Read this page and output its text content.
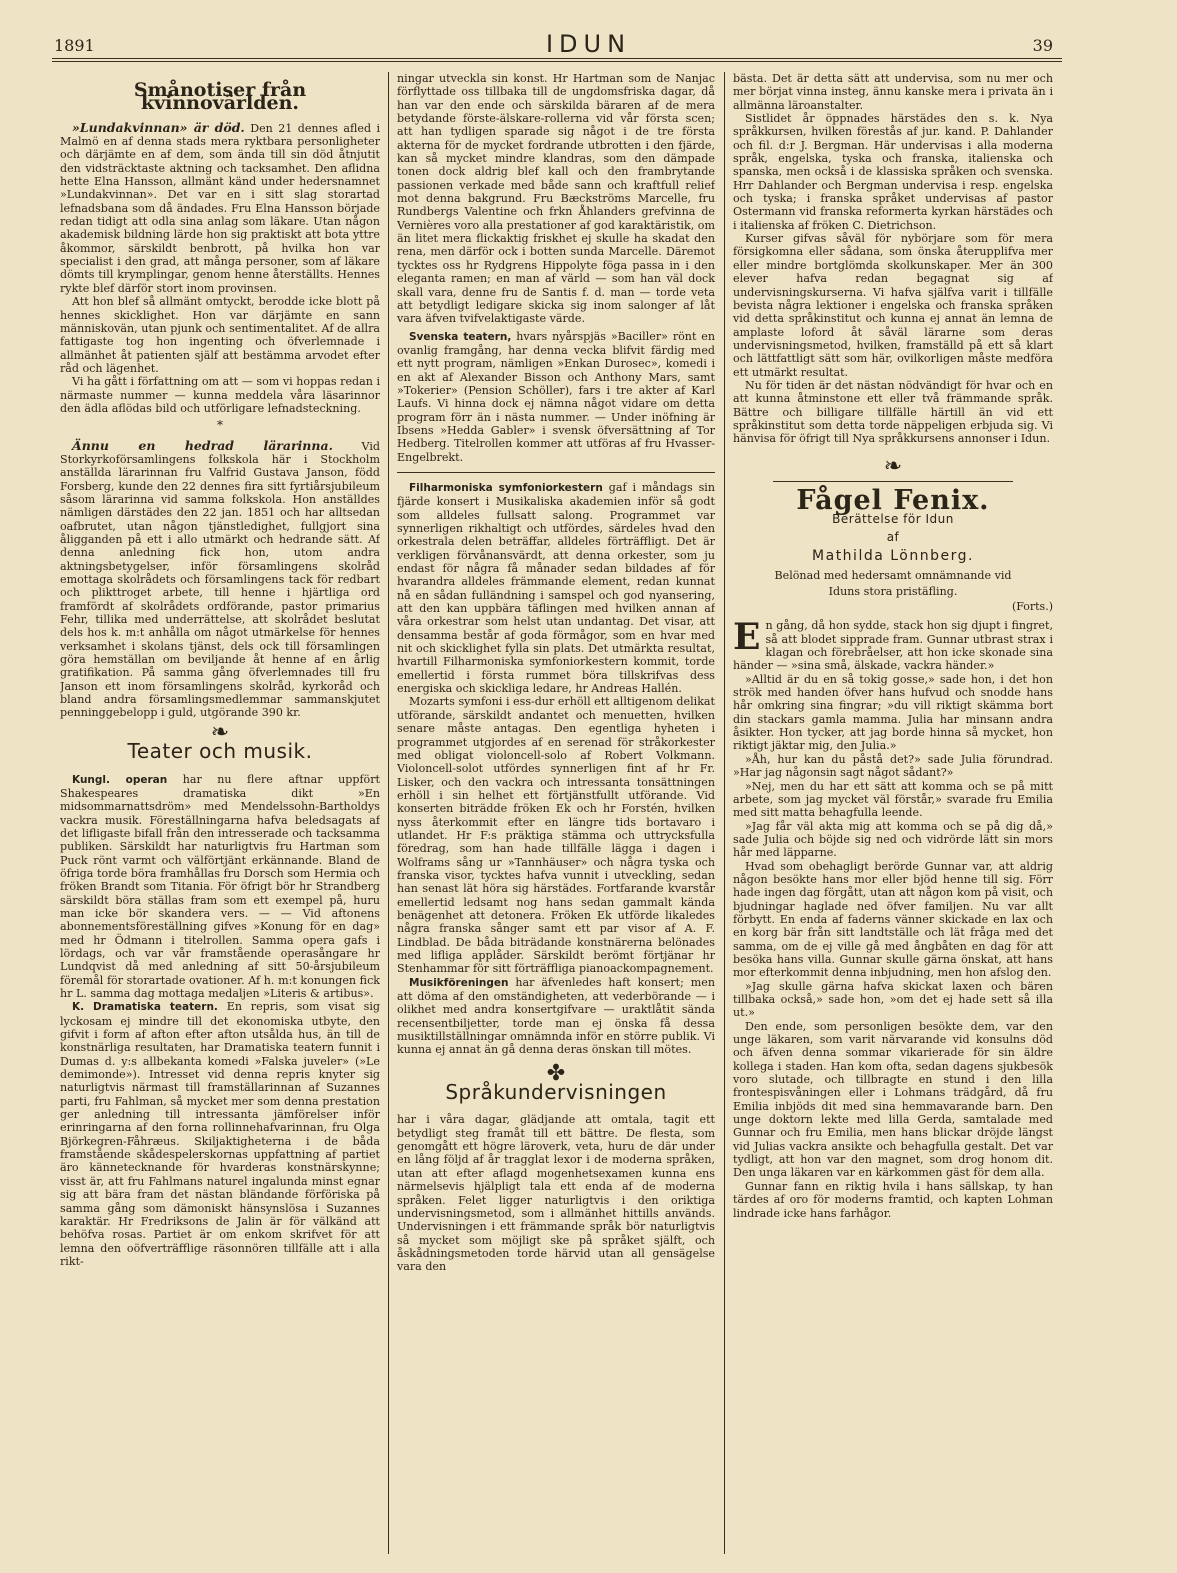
1891	IDUN	39
Smånotiser från kvinnovärlden.

»Lundakvinnan» är död. Den 21 dennes afled i Malmö en af denna stads mera ryktbara personligheter och därjämte en af dem, som ända till sin död åtnjutit den vidsträcktaste aktning och tacksamhet. Den aflidna hette Elna Hansson, allmänt känd under hedersnamnet »Lundakvinnan». Det var en i sitt slag storartad lefnadsbana som då ändades. Fru Elna Hansson började redan tidigt att odla sina anlag som läkare. Utan någon akademisk bildning lärde hon sig praktiskt att bota yttre åkommor, särskildt benbrott, på hvilka hon var specialist i den grad, att många personer, som af läkare dömts till krymplingar, genom henne återställts. Hennes rykte blef därför stort inom provinsen.

Att hon blef så allmänt omtyckt, berodde icke blott på hennes skicklighet. Hon var därjämte en sann människovän, utan pjunk och sentimentalitet. Af de allra fattigaste tog hon ingenting och öfverlemnade i allmänhet åt patienten själf att bestämma arvodet efter råd och lägenhet.

Vi ha gått i författning om att — som vi hoppas redan i närmaste nummer — kunna meddela våra läsarinnor den ädla aflödas bild och utförligare lefnadsteckning.

*

Ännu en hedrad lärarinna. Vid Storkyrkoförsamlingens folkskola här i Stockholm anställda lärarinnan fru Valfrid Gustava Janson, född Forsberg, kunde den 22 dennes fira sitt fyrtiårsjubileum såsom lärarinna vid samma folkskola. Hon anställdes nämligen därstädes den 22 jan. 1851 och har alltsedan oafbrutet, utan någon tjänstledighet, fullgjort sina åligganden på ett i allo utmärkt och hedrande sätt. Af denna anledning fick hon, utom andra aktningsbetygelser, inför församlingens skolråd emottaga skolrådets och församlingens tack för redbart och plikttroget arbete, till henne i hjärtliga ord framfördt af skolrådets ordförande, pastor primarius Fehr, tillika med underrättelse, att skolrådet beslutat dels hos k. m:t anhålla om något utmärkelse för hennes verksamhet i skolans tjänst, dels ock till församlingen göra hemställan om beviljande åt henne af en årlig gratifikation. På samma gång öfverlemnades till fru Janson ett inom församlingens skolråd, kyrkoråd och bland andra församlingsmedlemmar sammanskjutet penninggebelopp i guld, utgörande 390 kr.

❧
Teater och musik.

Kungl. operan har nu flere aftnar uppfört Shakespeares dramatiska dikt »En midsommarnattsdröm» med Mendelssohn-Bartholdys vackra musik. Föreställningarna hafva beledsagats af det lifligaste bifall från den intresserade och tacksamma publiken. Särskildt har naturligtvis fru Hartman som Puck rönt varmt och välförtjänt erkännande. Bland de öfriga torde böra framhållas fru Dorsch som Hermia och fröken Brandt som Titania. För öfrigt bör hr Strandberg särskildt böra ställas fram som ett exempel på, huru man icke bör skandera vers. — — Vid aftonens abonnementsföreställning gifves »Konung för en dag» med hr Ödmann i titelrollen. Samma opera gafs i lördags, och var vår framstående operasångare hr Lundqvist då med anledning af sitt 50-årsjubileum föremål för storartade ovationer. Af h. m:t konungen fick hr L. samma dag mottaga medaljen »Literis & artibus».

K. Dramatiska teatern. En repris, som visat sig lyckosam ej mindre till det ekonomiska utbyte, den gifvit i form af afton efter afton utsålda hus, än till de konstnärliga resultaten, har Dramatiska teatern funnit i Dumas d. y:s allbekanta komedi »Falska juveler» (»Le demimonde»). Intresset vid denna repris knyter sig naturligtvis närmast till framställarinnan af Suzannes parti, fru Fahlman, så mycket mer som denna prestation ger anledning till intressanta jämförelser inför erinringarna af den forna rollinnehafvarinnan, fru Olga Björkegren-Fåhræus. Skiljaktigheterna i de båda framstående skådespelerskornas uppfattning af partiet äro kännetecknande för hvarderas konstnärskynne; visst är, att fru Fahlmans naturel ingalunda minst egnar sig att bära fram det nästan bländande förföriska på samma gång som dämoniskt hänsynslösa i Suzannes karaktär. Hr Fredriksons de Jalin är för välkänd att behöfva rosas. Partiet är om enkom skrifvet för att lemna den oöfverträffligе räsonnören tillfälle att i alla rikt-

ningar utveckla sin konst. Hr Hartman som de Nanjac förflyttade oss tillbaka till de ungdomsfriska dagar, då han var den ende och särskilda bäraren af de mera betydande förste-älskare-rollerna vid vår första scen; att han tydligen sparade sig något i de tre första akterna för de mycket fordrande utbrotten i den fjärde, kan så mycket mindre klandras, som den dämpade tonen dock aldrig blef kall och den frambrytande passionen verkade med både sann och kraftfull relief mot denna bakgrund. Fru Bæckströms Marcelle, fru Rundbergs Valentine och frkn Åhlanders grefvinna de Vernières voro alla prestationer af god karaktäristik, om än litet mera flickaktig friskhet ej skulle ha skadat den rena, men därför ock i botten sunda Marcelle. Däremot tycktes oss hr Rydgrens Hippolyte föga passa in i den eleganta ramen; en man af värld — som han väl dock skall vara, denne fru de Santis f. d. man — torde veta att betydligt ledigare skicka sig inom salonger af låt vara äfven tvifvelaktigaste värde.

Svenska teatern, hvars nyårspjäs »Baciller» rönt en ovanlig framgång, har denna vecka blifvit färdig med ett nytt program, nämligen »Enkan Durosec», komedi i en akt af Alexander Bisson och Anthony Mars, samt »Tokerier» (Pension Schöller), fars i tre akter af Karl Laufs. Vi hinna dock ej nämna något vidare om detta program förr än i nästa nummer. — Under inöfning är Ibsens »Hedda Gabler» i svensk öfversättning af Tor Hedberg. Titelrollen kommer att utföras af fru Hvasser-Engelbrekt.

Filharmoniska symfoniorkestern gaf i måndags sin fjärde konsert i Musikaliska akademien inför så godt som alldeles fullsatt salong. Programmet var synnerligen rikhaltigt och utfördes, särdeles hvad den orkestrala delen beträffar, alldeles förträffligt. Det är verkligen förvånansvärdt, att denna orkester, som ju endast för några få månader sedan bildades af för hvarandra alldeles främmande element, redan kunnat nå en sådan fulländning i samspel och god nyansering, att den kan uppbära täflingen med hvilken annan af våra orkestrar som helst utan undantag. Det visar, att densamma består af goda förmågor, som en hvar med nit och skicklighet fylla sin plats. Det utmärkta resultat, hvartill Filharmoniska symfoniorkestern kommit, torde emellertid i första rummet böra tillskrifvas dess energiska och skickliga ledare, hr Andreas Hallén.

Mozarts symfoni i ess-dur erhöll ett alltigenom delikat utförande, särskildt andantet och menuetten, hvilken senare måste antagas. Den egentliga hyheten i programmet utgjordes af en serenad för stråkorkester med obligat violoncell-solo af Robert Volkmann. Violoncell-solot utfördes synnerligen fint af hr Fr. Lisker, och den vackra och intressanta tonsättningen erhöll i sin helhet ett förtjänstfullt utförande. Vid konserten biträdde fröken Ek och hr Forstén, hvilken nyss återkommit efter en längre tids bortavaro i utlandet. Hr F:s präktiga stämma och uttrycksfulla föredrag, som han hade tillfälle lägga i dagen i Wolframs sång ur »Tannhäuser» och några tyska och franska visor, tycktes hafva vunnit i utveckling, sedan han senast lät höra sig härstädes. Fortfarande kvarstår emellertid ledsamt nog hans sedan gammalt kända benägenhet att detonera. Fröken Ek utförde likaledes några franska sånger samt ett par visor af A. F. Lindblad. De båda biträdande konstnärerna belönades med lifliga applåder. Särskildt berömt förtjänar hr Stenhammar för sitt förträffliga pianoackompagnement.

Musikföreningen har äfvenledes haft konsert; men att döma af den omständigheten, att vederbörande — i olikhet med andra konsertgifvare — uraktlåtit sända recensentbiljetter, torde man ej önska få dessa musiktillställningar omnämnda inför en större publik. Vi kunna ej annat än gå denna deras önskan till mötes.

✤
Språkundervisningen

har i våra dagar, glädjande att omtala, tagit ett betydligt steg framåt till ett bättre. De flesta, som genomgått ett högre läroverk, veta, huru de där under en lång följd af år tragglat lexor i de moderna språken, utan att efter aflagd mogenhetsexamen kunna ens närmelsevis hjälpligt tala ett enda af de moderna språken. Felet ligger naturligtvis i den oriktiga undervisningsmetod, som i allmänhet hittills används. Undervisningen i ett främmande språk bör naturligtvis så mycket som möjligt ske på språket själft, och åskådningsmetoden torde härvid utan all gensägelse vara den

bästa. Det är detta sätt att undervisa, som nu mer och mer börjat vinna insteg, ännu kanske mera i privata än i allmänna läroanstalter.

Sistlidet år öppnades härstädes den s. k. Nya språkkursen, hvilken förestås af jur. kand. P. Dahlander och fil. d:r J. Bergman. Här undervisas i alla moderna språk, engelska, tyska och franska, italienska och spanska, men också i de klassiska språken och svenska. Hrr Dahlander och Bergman undervisa i resp. engelska och tyska; i franska språket undervisas af pastor Ostermann vid franska reformerta kyrkan härstädes och i italienska af fröken C. Dietrichson.

Kurser gifvas såväl för nybörjare som för mera försigkomna eller sådana, som önska återupplifva mer eller mindre bortglömda skolkunskaper. Mer än 300 elever hafva redan begagnat sig af undervisningskurserna. Vi hafva själfva varit i tillfälle bevista några lektioner i engelska och franska språken vid detta språkinstitut och kunna ej annat än lemna de amplaste loford åt såväl lärarne som deras undervisningsmetod, hvilken, framställd på ett så klart och lättfattligt sätt som här, ovilkorligen måste medföra ett utmärkt resultat.

Nu för tiden är det nästan nödvändigt för hvar och en att kunna åtminstone ett eller två främmande språk. Bättre och billigare tillfälle härtill än vid ett språkinstitut som detta torde näppeligen erbjuda sig. Vi hänvisa för öfrigt till Nya språkkursens annonser i Idun.

❧
Fågel Fenix.
Berättelse för Idun
af
Mathilda Lönnberg.
Belönad med hedersamt omnämnande vid
Iduns stora pristäfling.
(Forts.)

En gång, då hon sydde, stack hon sig djupt i fingret, så att blodet sipprade fram. Gunnar utbrast strax i klagan och förebråelser, att hon icke skonade sina händer — »sina små, älskade, vackra händer.»

»Alltid är du en så tokig gosse,» sade hon, i det hon strök med handen öfver hans hufvud och snodde hans hår omkring sina fingrar; »du vill riktigt skämma bort din stackars gamla mamma. Julia har minsann andra åsikter. Hon tycker, att jag borde hinna så mycket, hon riktigt jäktar mig, den Julia.»

»Åh, hur kan du påstå det?» sade Julia förundrad. »Har jag någonsin sagt något sådant?»

»Nej, men du har ett sätt att komma och se på mitt arbete, som jag mycket väl förstår,» svarade fru Emilia med sitt matta behagfulla leende.

»Jag får väl akta mig att komma och se på dig då,» sade Julia och böjde sig ned och vidrörde lätt sin mors hår med läpparne.

Hvad som obehagligt berörde Gunnar var, att aldrig någon besökte hans mor eller bjöd henne till sig. Förr hade ingen dag förgått, utan att någon kom på visit, och bjudningar haglade ned öfver familjen. Nu var allt förbytt. En enda af faderns vänner skickade en lax och en korg bär från sitt landtställe och lät fråga med det samma, om de ej ville gå med ångbåten en dag för att besöka hans villa. Gunnar skulle gärna önskat, att hans mor efterkommit denna inbjudning, men hon afslog den.

»Jag skulle gärna hafva skickat laxen och bären tillbaka också,» sade hon, »om det ej hade sett så illa ut.»

Den ende, som personligen besökte dem, var den unge läkaren, som varit närvarande vid konsulns död och äfven denna sommar vikarierade för sin äldre kollega i staden. Han kom ofta, sedan dagens sjukbesök voro slutade, och tillbragte en stund i den lilla frontespisvåningen eller i Lohmans trädgård, då fru Emilia inbjöds dit med sina hemmavarande barn. Den unge doktorn lekte med lilla Gerda, samtalade med Gunnar och fru Emilia, men hans blickar dröjde längst vid Julias vackra ansikte och behagfulla gestalt. Det var tydligt, att hon var den magnet, som drog honom dit. Den unga läkaren var en kärkommen gäst för dem alla.

Gunnar fann en riktig hvila i hans sällskap, ty han tärdes af oro för moderns framtid, och kapten Lohman lindrade icke hans farhågor.
